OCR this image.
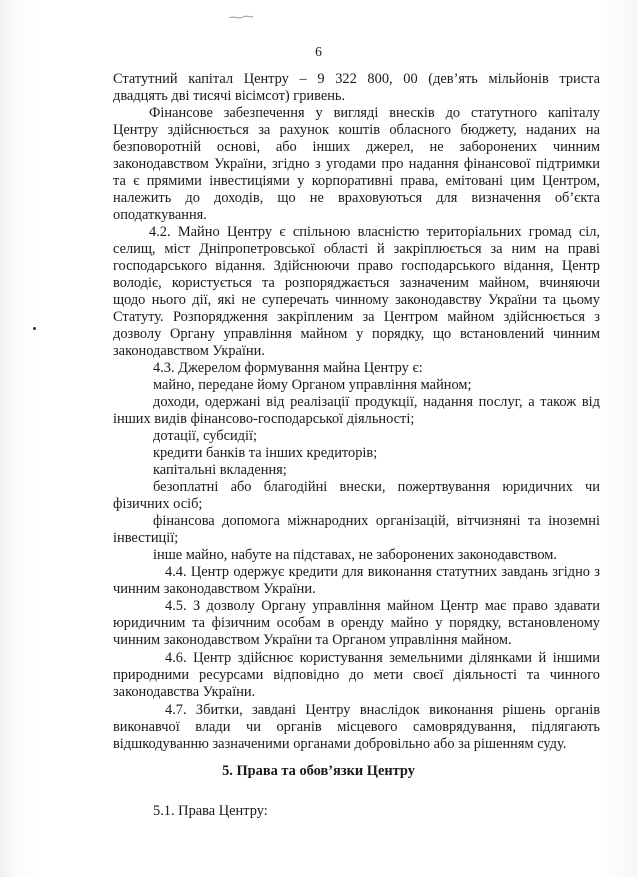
6
Статутний капітал Центру – 9 322 800, 00 (дев’ять мільйонів триста
двадцять дві тисячі вісімсот) гривень.
Фінансове забезпечення у вигляді внесків до статутного капіталу
Центру здійснюється за рахунок коштів обласного бюджету, наданих на
безповоротній основі, або інших джерел, не заборонених чинним
законодавством України, згідно з угодами про надання фінансової підтримки
та є прямими інвестиціями у корпоративні права, емітовані цим Центром,
належить до доходів, що не враховуються для визначення об’єкта
оподаткування.
4.2. Майно Центру є спільною власністю територіальних громад сіл,
селищ, міст Дніпропетровської області й закріплюється за ним на праві
господарського відання. Здійснюючи право господарського відання, Центр
володіє, користується та розпоряджається зазначеним майном, вчиняючи
щодо нього дії, які не суперечать чинному законодавству України та цьому
Статуту. Розпорядження закріпленим за Центром майном здійснюється з
дозволу Органу управління майном у порядку, що встановлений чинним
законодавством України.
4.3. Джерелом формування майна Центру є:
майно, передане йому Органом управління майном;
доходи, одержані від реалізації продукції, надання послуг, а також від
інших видів фінансово-господарської діяльності;
дотації, субсидії;
кредити банків та інших кредиторів;
капітальні вкладення;
безоплатні або благодійні внески, пожертвування юридичних чи
фізичних осіб;
фінансова допомога міжнародних організацій, вітчизняні та іноземні
інвестиції;
інше майно, набуте на підставах, не заборонених законодавством.
4.4. Центр одержує кредити для виконання статутних завдань згідно з
чинним законодавством України.
4.5. З дозволу Органу управління майном Центр має право здавати
юридичним та фізичним особам в оренду майно у порядку, встановленому
чинним законодавством України та Органом управління майном.
4.6. Центр здійснює користування земельними ділянками й іншими
природними ресурсами відповідно до мети своєї діяльності та чинного
законодавства України.
4.7. Збитки, завдані Центру внаслідок виконання рішень органів
5. Права та обов’язки Центру
5.1. Права Центру:
виконавчої влади чи органів місцевого самоврядування, підлягають
відшкодуванню зазначеними органами добровільно або за рішенням суду.
